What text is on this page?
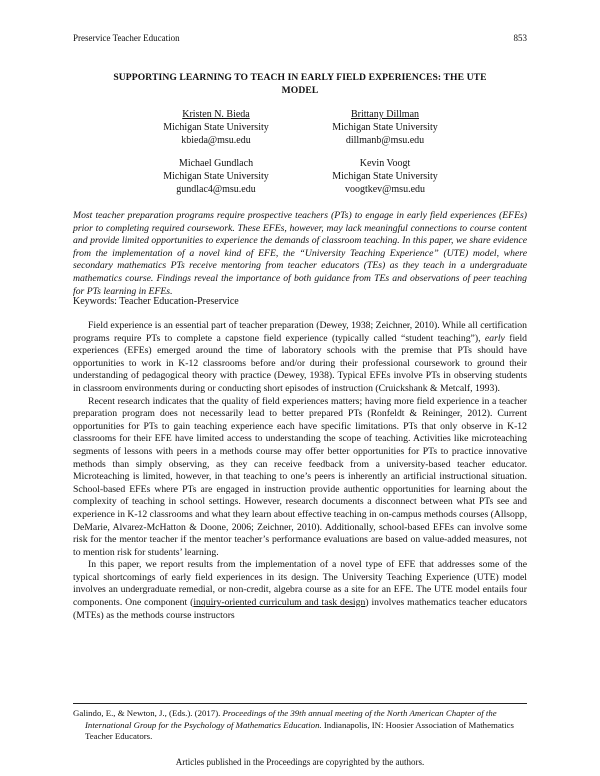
Preservice Teacher Education	853
SUPPORTING LEARNING TO TEACH IN EARLY FIELD EXPERIENCES: THE UTE
MODEL
Kristen N. Bieda
Michigan State University
kbieda@msu.edu
Brittany Dillman
Michigan State University
dillmanb@msu.edu
Michael Gundlach
Michigan State University
gundlac4@msu.edu
Kevin Voogt
Michigan State University
voogtkev@msu.edu
Most teacher preparation programs require prospective teachers (PTs) to engage in early field experiences (EFEs) prior to completing required coursework. These EFEs, however, may lack meaningful connections to course content and provide limited opportunities to experience the demands of classroom teaching. In this paper, we share evidence from the implementation of a novel kind of EFE, the “University Teaching Experience” (UTE) model, where secondary mathematics PTs receive mentoring from teacher educators (TEs) as they teach in a undergraduate mathematics course. Findings reveal the importance of both guidance from TEs and observations of peer teaching for PTs learning in EFEs.
Keywords: Teacher Education-Preservice

Field experience is an essential part of teacher preparation (Dewey, 1938; Zeichner, 2010). While all certification programs require PTs to complete a capstone field experience (typically called “student teaching”), early field experiences (EFEs) emerged around the time of laboratory schools with the premise that PTs should have opportunities to work in K-12 classrooms before and/or during their professional coursework to ground their understanding of pedagogical theory with practice (Dewey, 1938). Typical EFEs involve PTs in observing students in classroom environments during or conducting short episodes of instruction (Cruickshank & Metcalf, 1993).

Recent research indicates that the quality of field experiences matters; having more field experience in a teacher preparation program does not necessarily lead to better prepared PTs (Ronfeldt & Reininger, 2012). Current opportunities for PTs to gain teaching experience each have specific limitations. PTs that only observe in K-12 classrooms for their EFE have limited access to understanding the scope of teaching. Activities like microteaching segments of lessons with peers in a methods course may offer better opportunities for PTs to practice innovative methods than simply observing, as they can receive feedback from a university-based teacher educator. Microteaching is limited, however, in that teaching to one’s peers is inherently an artificial instructional situation. School-based EFEs where PTs are engaged in instruction provide authentic opportunities for learning about the complexity of teaching in school settings. However, research documents a disconnect between what PTs see and experience in K-12 classrooms and what they learn about effective teaching in on-campus methods courses (Allsopp, DeMarie, Alvarez-McHatton & Doone, 2006; Zeichner, 2010). Additionally, school-based EFEs can involve some risk for the mentor teacher if the mentor teacher’s performance evaluations are based on value-added measures, not to mention risk for students’ learning.

In this paper, we report results from the implementation of a novel type of EFE that addresses some of the typical shortcomings of early field experiences in its design. The University Teaching Experience (UTE) model involves an undergraduate remedial, or non-credit, algebra course as a site for an EFE. The UTE model entails four components. One component (inquiry-oriented curriculum and task design) involves mathematics teacher educators (MTEs) as the methods course instructors

Galindo, E., & Newton, J., (Eds.). (2017). Proceedings of the 39th annual meeting of the North American Chapter of the International Group for the Psychology of Mathematics Education. Indianapolis, IN: Hoosier Association of Mathematics Teacher Educators.
Articles published in the Proceedings are copyrighted by the authors.
